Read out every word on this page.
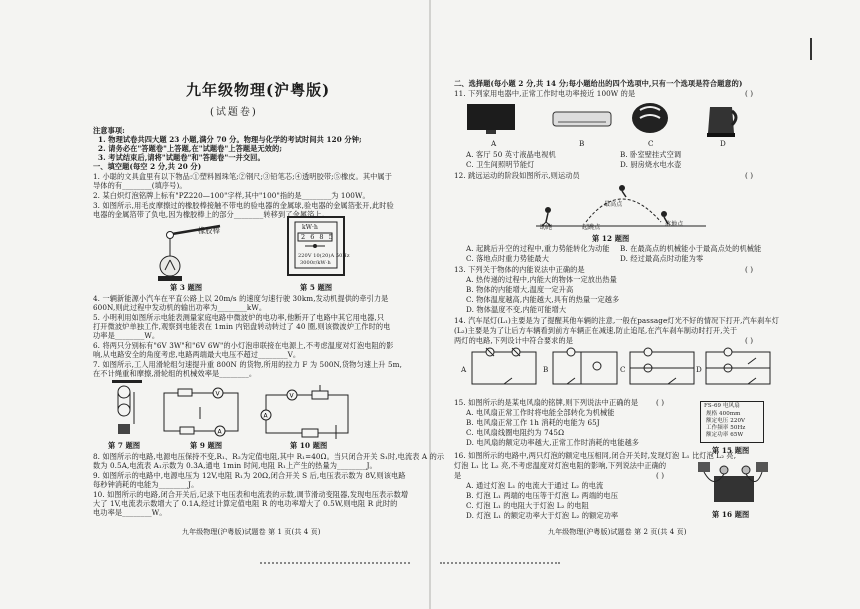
九年级物理(沪粤版)
(试题卷)
注意事项:
1. 物理试卷共四大题 23 小题,满分 70 分。物理与化学的考试时间共 120 分钟;
2. 请务必在"答题卷"上答题,在"试题卷"上答题是无效的;
3. 考试结束后,请将"试题卷"和"答题卷"一并交回。
一、填空题(每空 2 分,共 20 分)
1. 小聪的文具盒里有以下物品:①塑料圆珠笔;②钢尺;③铅笔芯;④透明胶带;⑤橡皮。其中属于
导体的有________(填序号)。
2. 某白炽灯泡铭牌上标有"PZ220—100"字样,其中"100"指的是________为 100W。
3. 如图所示,用毛皮摩擦过的橡胶棒接触不带电的验电器的金属球,验电器的金属箔张开,此时验
电器的金属箔带了负电,因为橡胶棒上的部分________转移到了金属箔上。
橡胶棒	kW·h
2 6 8 5
220V 10(20)A 50Hz
3000r/kW·h
第 3 题图	第 5 题图
4. 一辆新能源小汽车在平直公路上以 20m/s 的速度匀速行驶 30km,发动机提供的牵引力是
600N,则此过程中发动机的输出功率为________kW。
5. 小明利用如图所示电能表测量家庭电路中微波炉的电功率,他断开了电路中其它用电器,只
打开微波炉单独工作,观察到电能表在 1min 内铝盘转动转过了 40 圈,则该微波炉工作时的电
功率是________W。
6. 将两只分别标有"6V 3W"和"6V 6W"的小灯泡串联接在电源上,不考虑温度对灯泡电阻的影
响,从电路安全的角度考虑,电路两端最大电压不超过________V。
7. 如图所示,工人用滑轮组匀速提升重 800N 的货物,所用的拉力 F 为 500N,货物匀速上升 5m,
在不计绳重和摩擦,滑轮组的机械效率是________。
V
A
V
A
第 7 题图	第 9 题图	第 10 题图
8. 如图所示的电路,电源电压保持不变,R₁、R₂为定值电阻,其中 R₁=40Ω。当只闭合开关 S₁时,电流表 A 的示
数为 0.5A,电流表 A₁示数为 0.3A,通电 1min 时间,电阻 R₁上产生的热量为________J。
9. 如图所示的电路中,电源电压为 12V,电阻 R₁为 20Ω,闭合开关 S 后,电压表示数为 8V,则该电路
每秒钟消耗的电能为________J。
10. 如图所示的电路,闭合开关后,记录下电压表和电流表的示数,调节滑动变阻器,发现电压表示数增
大了 1V,电流表示数增大了 0.1A,经过计算定值电阻 R 的电功率增大了 0.5W,则电阻 R 此时的
电功率是________W。
九年级物理(沪粤版)试题卷 第 1 页(共 4 页)
二、选择题(每小题 2 分,共 14 分;每小题给出的四个选项中,只有一个选项是符合题意的)
11. 下列家用电器中,正常工作时电功率接近 100W 的是	( )
A	B	C	D
A. 客厅 50 英寸液晶电视机	B. 卧室壁挂式空调
C. 卫生间照明节能灯	D. 厨房烧水电水壶
12. 跳远运动的阶段如图所示,则运动员	( )
最高点
助跑	起跳点	落地点
第 12 题图
A. 起跳后升空的过程中,重力势能转化为动能 B. 在最高点的机械能小于最高点处的机械能
C. 落地点时重力势能最大	D. 经过最高点时动能为零
13. 下列关于物体的内能说法中正确的是	( )
A. 热传递的过程中,内能大的物体一定放出热量
B. 物体的内能增大,温度一定升高
C. 物体温度越高,内能越大,具有的热量一定越多
D. 物体温度不变,内能可能增大
14. 汽车尾灯(L₁)主要是为了提醒其他车辆的注意,一般在passage灯光不好的情况下打开,汽车刹车灯
(L₂)主要是为了让后方车辆看到前方车辆正在减速,防止追尾,在汽车刹车制动时打开,关于
两灯的电路,下列设计中符合要求的是	( )
A	B	C	D
15. 如图所示的是某电风扇的铭牌,则下列说法中正确的是 ( )
A. 电风扇正常工作时将电能全部转化为机械能
B. 电风扇正常工作 1h 消耗的电能为 65J
C. 电风扇线圈电阻约为 745Ω
D. 电风扇的额定功率越大,正常工作时消耗的电能越多
FS-69 电风扇
规格 400mm
额定电压 220V
工作频率 50Hz
额定功率 65W
第 15 题图
16. 如图所示的电路中,两只灯泡的额定电压相同,闭合开关时,发现灯泡 L₁ 比灯泡 L₂ 亮,
灯泡 L₁ 比 L₂ 亮,不考虑温度对灯泡电阻的影响,下列说法中正确的
是	( )
A. 通过灯泡 L₁ 的电流大于通过 L₂ 的电流
B. 灯泡 L₁ 两端的电压等于灯泡 L₂ 两端的电压
C. 灯泡 L₁ 的电阻大于灯泡 L₂ 的电阻
D. 灯泡 L₁ 的额定功率大于灯泡 L₂ 的额定功率	第 16 题图
九年级物理(沪粤版)试题卷 第 2 页(共 4 页)
